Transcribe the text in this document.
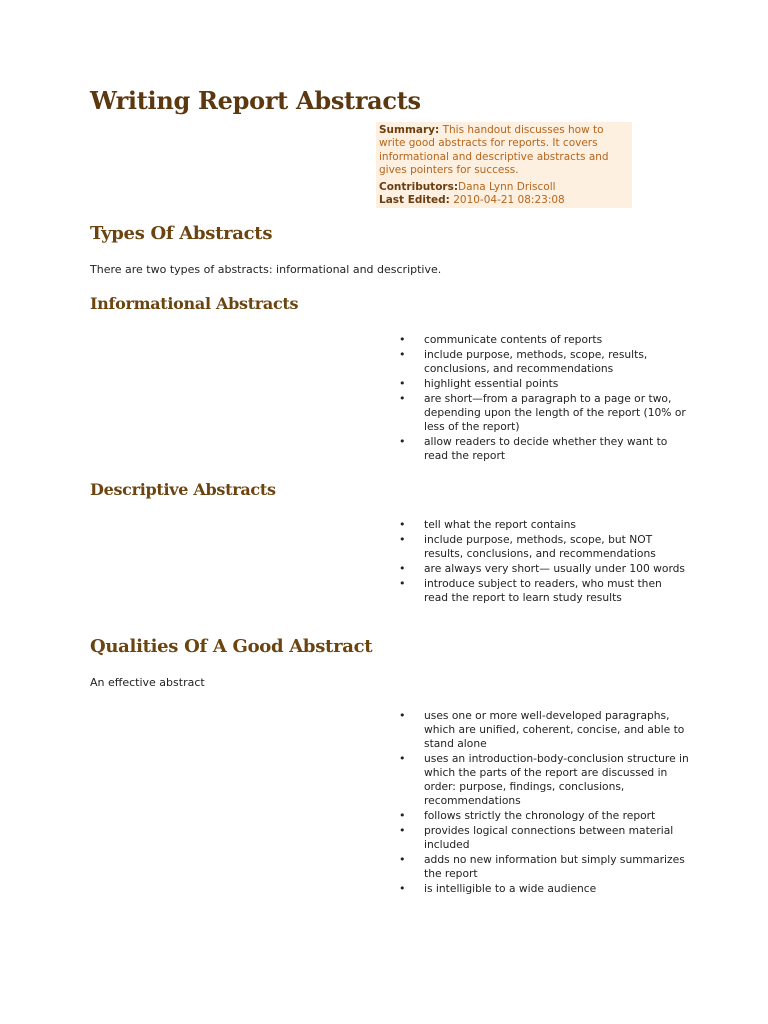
Writing Report Abstracts

Summary: This handout discusses how to write good abstracts for reports. It covers informational and descriptive abstracts and gives pointers for success.

Contributors:Dana Lynn Driscoll

Last Edited: 2010-04-21 08:23:08

Types Of Abstracts

There are two types of abstracts: informational and descriptive.

Informational Abstracts
• communicate contents of reports
• include purpose, methods, scope, results, conclusions, and recommendations
• highlight essential points
• are short—from a paragraph to a page or two, depending upon the length of the report (10% or less of the report)
• allow readers to decide whether they want to read the report
Descriptive Abstracts
• tell what the report contains
• include purpose, methods, scope, but NOT results, conclusions, and recommendations
• are always very short— usually under 100 words
• introduce subject to readers, who must then read the report to learn study results
Qualities Of A Good Abstract

An effective abstract

• uses one or more well-developed paragraphs, which are unified, coherent, concise, and able to stand alone
• uses an introduction-body-conclusion structure in which the parts of the report are discussed in order: purpose, findings, conclusions, recommendations
• follows strictly the chronology of the report
• provides logical connections between material included
• adds no new information but simply summarizes the report
• is intelligible to a wide audience
